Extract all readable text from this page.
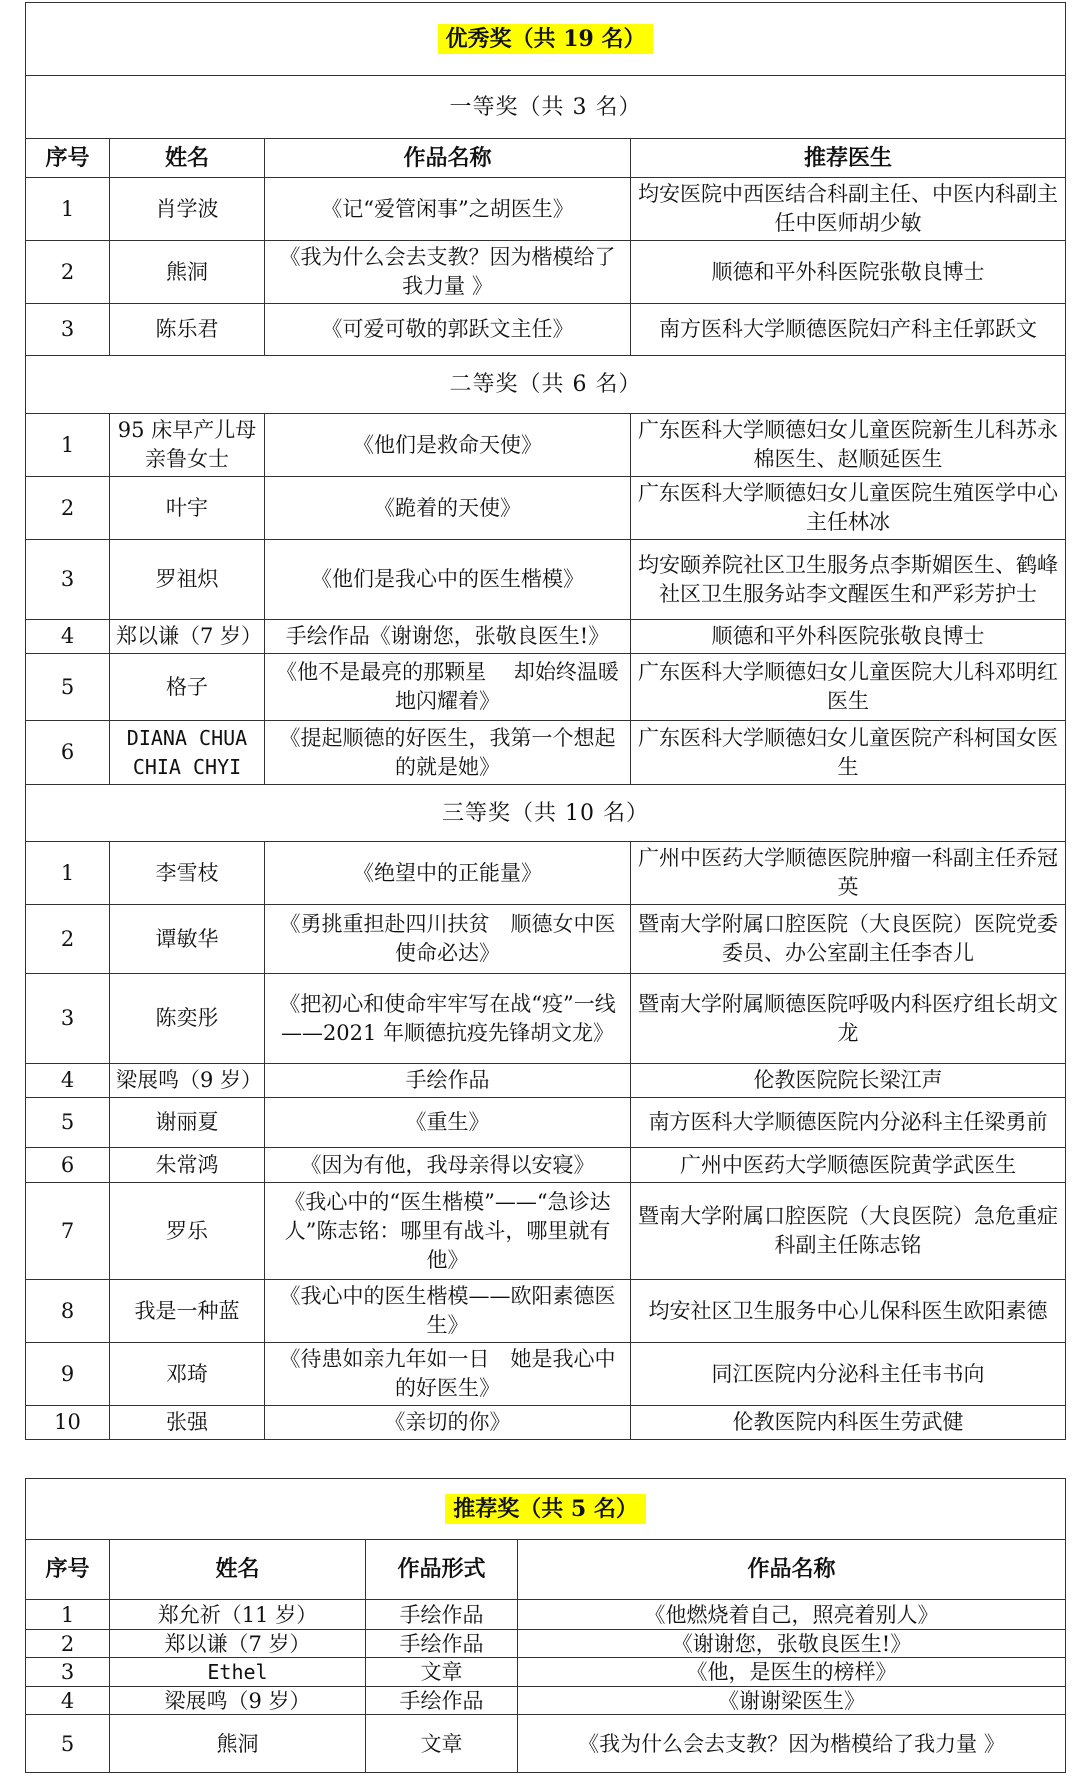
优秀奖（共 19 名）			
一等奖（共 3 名）			
序号	姓名	作品名称	推荐医生
1	肖学波	《记“爱管闲事”之胡医生》	均安医院中西医结合科副主任、中医内科副主任中医师胡少敏
2	熊洞	《我为什么会去支教？因为楷模给了我力量 》	顺德和平外科医院张敬良博士
3	陈乐君	《可爱可敬的郭跃文主任》	南方医科大学顺德医院妇产科主任郭跃文
二等奖（共 6 名）			
1	95 床早产儿母亲鲁女士	《他们是救命天使》	广东医科大学顺德妇女儿童医院新生儿科苏永棉医生、赵顺延医生
2	叶宇	《跪着的天使》	广东医科大学顺德妇女儿童医院生殖医学中心主任林冰
3	罗祖炽	《他们是我心中的医生楷模》	均安颐养院社区卫生服务点李斯媚医生、鹤峰社区卫生服务站李文醒医生和严彩芳护士
4	郑以谦（7 岁）	手绘作品《谢谢您，张敬良医生!》	顺德和平外科医院张敬良博士
5	格子	《他不是最亮的那颗星　 却始终温暖地闪耀着》	广东医科大学顺德妇女儿童医院大儿科邓明红医生
6	DIANA CHUA CHIA CHYI	《提起顺德的好医生，我第一个想起的就是她》	广东医科大学顺德妇女儿童医院产科柯国女医生
三等奖（共 10 名）			
1	李雪枝	《绝望中的正能量》	广州中医药大学顺德医院肿瘤一科副主任乔冠英
2	谭敏华	《勇挑重担赴四川扶贫　顺德女中医使命必达》	暨南大学附属口腔医院（大良医院）医院党委委员、办公室副主任李杏儿
3	陈奕彤	《把初心和使命牢牢写在战“疫”一线——2021 年顺德抗疫先锋胡文龙》	暨南大学附属顺德医院呼吸内科医疗组长胡文龙
4	梁展鸣（9 岁）	手绘作品	伦教医院院长梁江声
5	谢丽夏	《重生》	南方医科大学顺德医院内分泌科主任梁勇前
6	朱常鸿	《因为有他，我母亲得以安寝》	广州中医药大学顺德医院黄学武医生
7	罗乐	《我心中的“医生楷模”——“急诊达人”陈志铭：哪里有战斗，哪里就有他》	暨南大学附属口腔医院（大良医院）急危重症科副主任陈志铭
8	我是一种蓝	《我心中的医生楷模——欧阳素德医生》	均安社区卫生服务中心儿保科医生欧阳素德
9	邓琦	《待患如亲九年如一日　她是我心中的好医生》	同江医院内分泌科主任韦书向
10	张强	《亲切的你》	伦教医院内科医生劳武健
推荐奖（共 5 名）			
序号	姓名	作品形式	作品名称
1	郑允祈（11 岁）	手绘作品	《他燃烧着自己，照亮着别人》
2	郑以谦（7 岁）	手绘作品	《谢谢您，张敬良医生!》
3	Ethel	文章	《他，是医生的榜样》
4	梁展鸣（9 岁）	手绘作品	《谢谢梁医生》
5	熊洞	文章	《我为什么会去支教？因为楷模给了我力量 》
